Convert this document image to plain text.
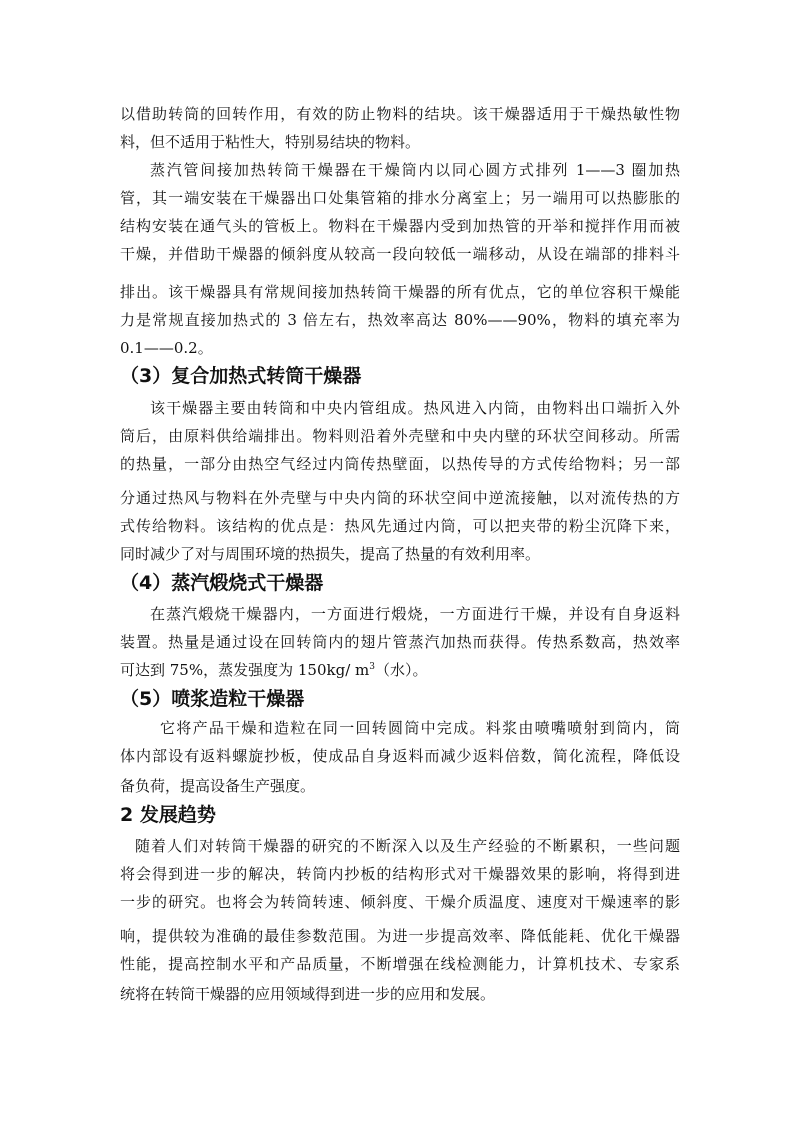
以借助转筒的回转作用，有效的防止物料的结块。该干燥器适用于干燥热敏性物
料，但不适用于粘性大，特别易结块的物料。
蒸汽管间接加热转筒干燥器在干燥筒内以同心圆方式排列 1——3 圈加热
管，其一端安装在干燥器出口处集管箱的排水分离室上；另一端用可以热膨胀的
结构安装在通气头的管板上。物料在干燥器内受到加热管的开举和搅拌作用而被
干燥，并借助干燥器的倾斜度从较高一段向较低一端移动，从设在端部的排料斗
排出。该干燥器具有常规间接加热转筒干燥器的所有优点，它的单位容积干燥能
力是常规直接加热式的 3 倍左右，热效率高达 80%——90%，物料的填充率为
0.1——0.2。
（3）复合加热式转筒干燥器
该干燥器主要由转筒和中央内管组成。热风进入内筒，由物料出口端折入外
筒后，由原料供给端排出。物料则沿着外壳壁和中央内壁的环状空间移动。所需
的热量，一部分由热空气经过内筒传热壁面，以热传导的方式传给物料；另一部
分通过热风与物料在外壳壁与中央内筒的环状空间中逆流接触，以对流传热的方
式传给物料。该结构的优点是：热风先通过内筒，可以把夹带的粉尘沉降下来，
同时减少了对与周围环境的热损失，提高了热量的有效利用率。
（4）蒸汽煅烧式干燥器
在蒸汽煅烧干燥器内，一方面进行煅烧，一方面进行干燥，并设有自身返料
装置。热量是通过设在回转筒内的翅片管蒸汽加热而获得。传热系数高，热效率
可达到 75%，蒸发强度为 150kg/ $m^3$（水）。
（5）喷浆造粒干燥器
它将产品干燥和造粒在同一回转圆筒中完成。料浆由喷嘴喷射到筒内，筒
体内部设有返料螺旋抄板，使成品自身返料而减少返料倍数，简化流程，降低设
备负荷，提高设备生产强度。
2 发展趋势
随着人们对转筒干燥器的研究的不断深入以及生产经验的不断累积，一些问题
将会得到进一步的解决，转筒内抄板的结构形式对干燥器效果的影响，将得到进
一步的研究。也将会为转筒转速、倾斜度、干燥介质温度、速度对干燥速率的影
响，提供较为准确的最佳参数范围。为进一步提高效率、降低能耗、优化干燥器
性能，提高控制水平和产品质量，不断增强在线检测能力，计算机技术、专家系
统将在转筒干燥器的应用领域得到进一步的应用和发展。
